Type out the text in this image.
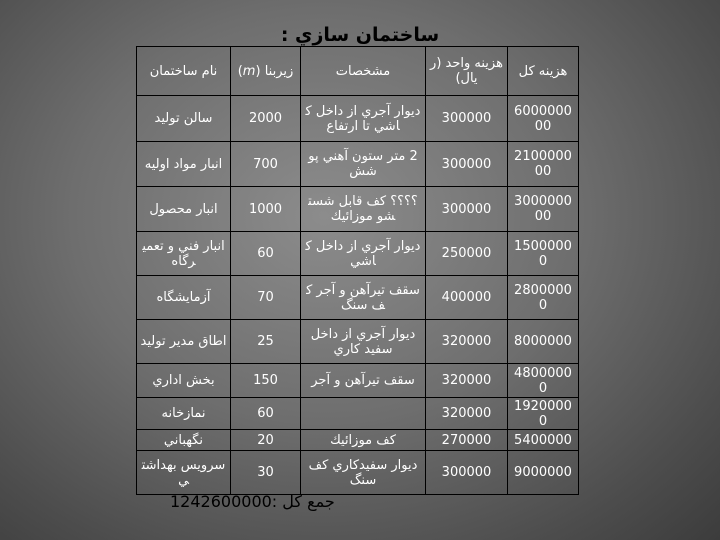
ساختمان سازي :
نام ساختمان	زيربنا (m)	مشخصات	هزينه واحد (ريال)	هزينه كل
سالن توليد	2000	ديوار آجري از داخل كاشي تا ارتفاع	300000	600000000
انبار مواد اوليه	700	2 متر ستون آهني پوشش	300000	210000000
انبار محصول	1000	؟؟؟؟ كف قابل شستشو موزائيك	300000	300000000
انبار فني و تعميرگاه	60	ديوار آجري از داخل كاشي	250000	15000000
آزمايشگاه	70	سقف تيرآهن و آجر كف سنگ	400000	28000000
اطاق مدير توليد	25	ديوار آجري از داخل سفيد كاري	320000	8000000
بخش اداري	150	سقف تيرآهن و آجر	320000	48000000
نمازخانه	60		320000	19200000
نگهباني	20	كف موزائيك	270000	5400000
سرويس بهداشتي	30	ديوار سفيدكاري كف سنگ	300000	9000000
جمع كل :1242600000
